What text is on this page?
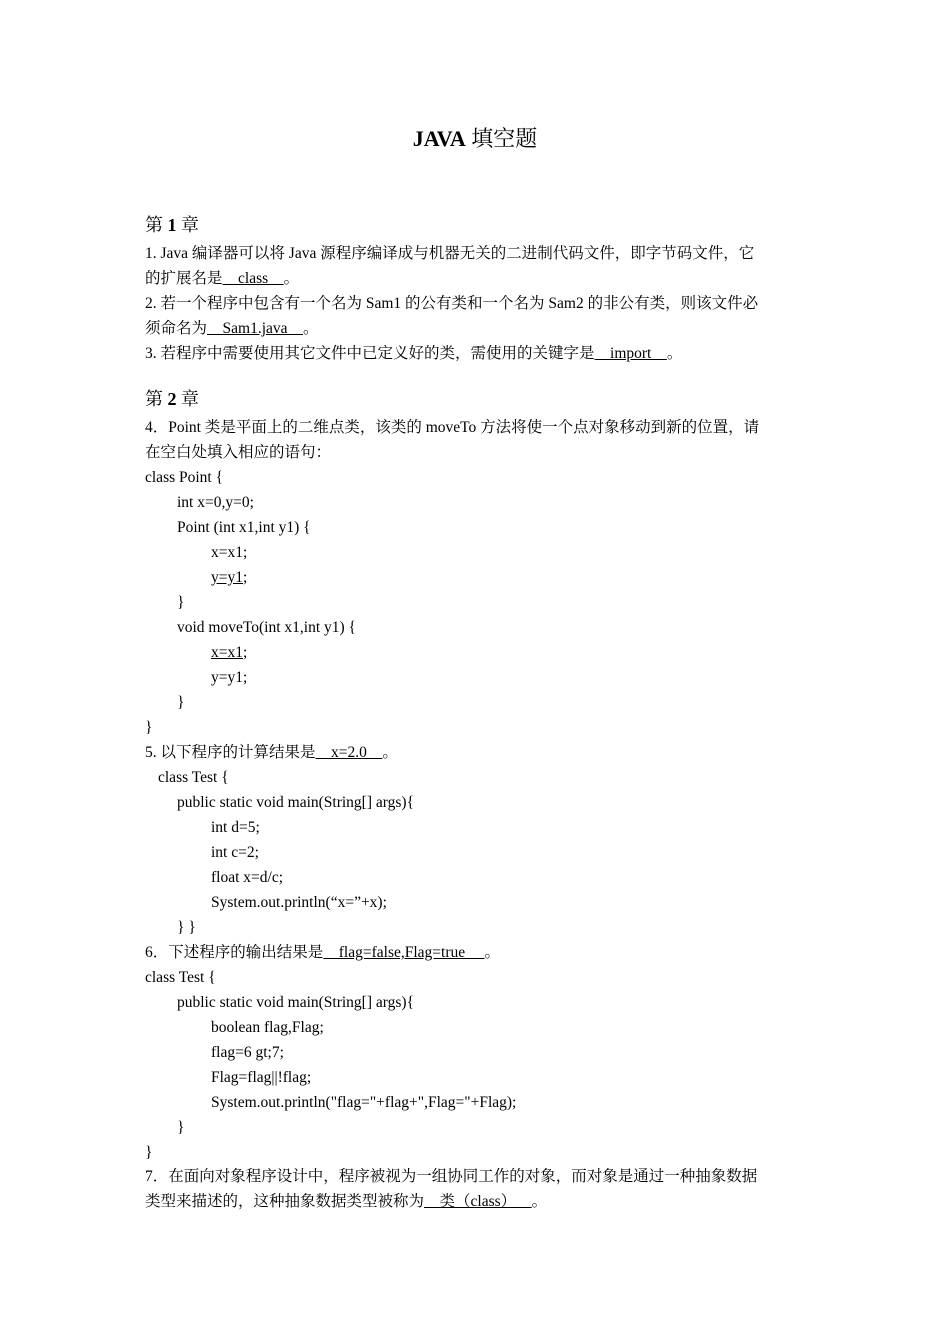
JAVA 填空题
第 1 章
1. Java 编译器可以将 Java 源程序编译成与机器无关的二进制代码文件，即字节码文件，它
的扩展名是    class    。
2. 若一个程序中包含有一个名为 Sam1 的公有类和一个名为 Sam2 的非公有类，则该文件必
须命名为    Sam1.java    。
3. 若程序中需要使用其它文件中已定义好的类，需使用的关键字是    import    。
第 2 章
4．Point 类是平面上的二维点类，该类的 moveTo 方法将使一个点对象移动到新的位置，请
在空白处填入相应的语句：
class Point {
int x=0,y=0;
Point (int x1,int y1) {
x=x1;
y=y1;
}
void moveTo(int x1,int y1) {
x=x1;
y=y1;
}
}
5. 以下程序的计算结果是    x=2.0    。
class Test {
public static void main(String[] args){
int d=5;
int c=2;
float x=d/c;
System.out.println(“x=”+x);
} }
6．下述程序的输出结果是    flag=false,Flag=true     。
class Test {
public static void main(String[] args){
boolean flag,Flag;
flag=6 gt;7;
Flag=flag||!flag;
System.out.println("flag="+flag+",Flag="+Flag);
}
}
7．在面向对象程序设计中，程序被视为一组协同工作的对象，而对象是通过一种抽象数据
类型来描述的，这种抽象数据类型被称为    类（class）    。
